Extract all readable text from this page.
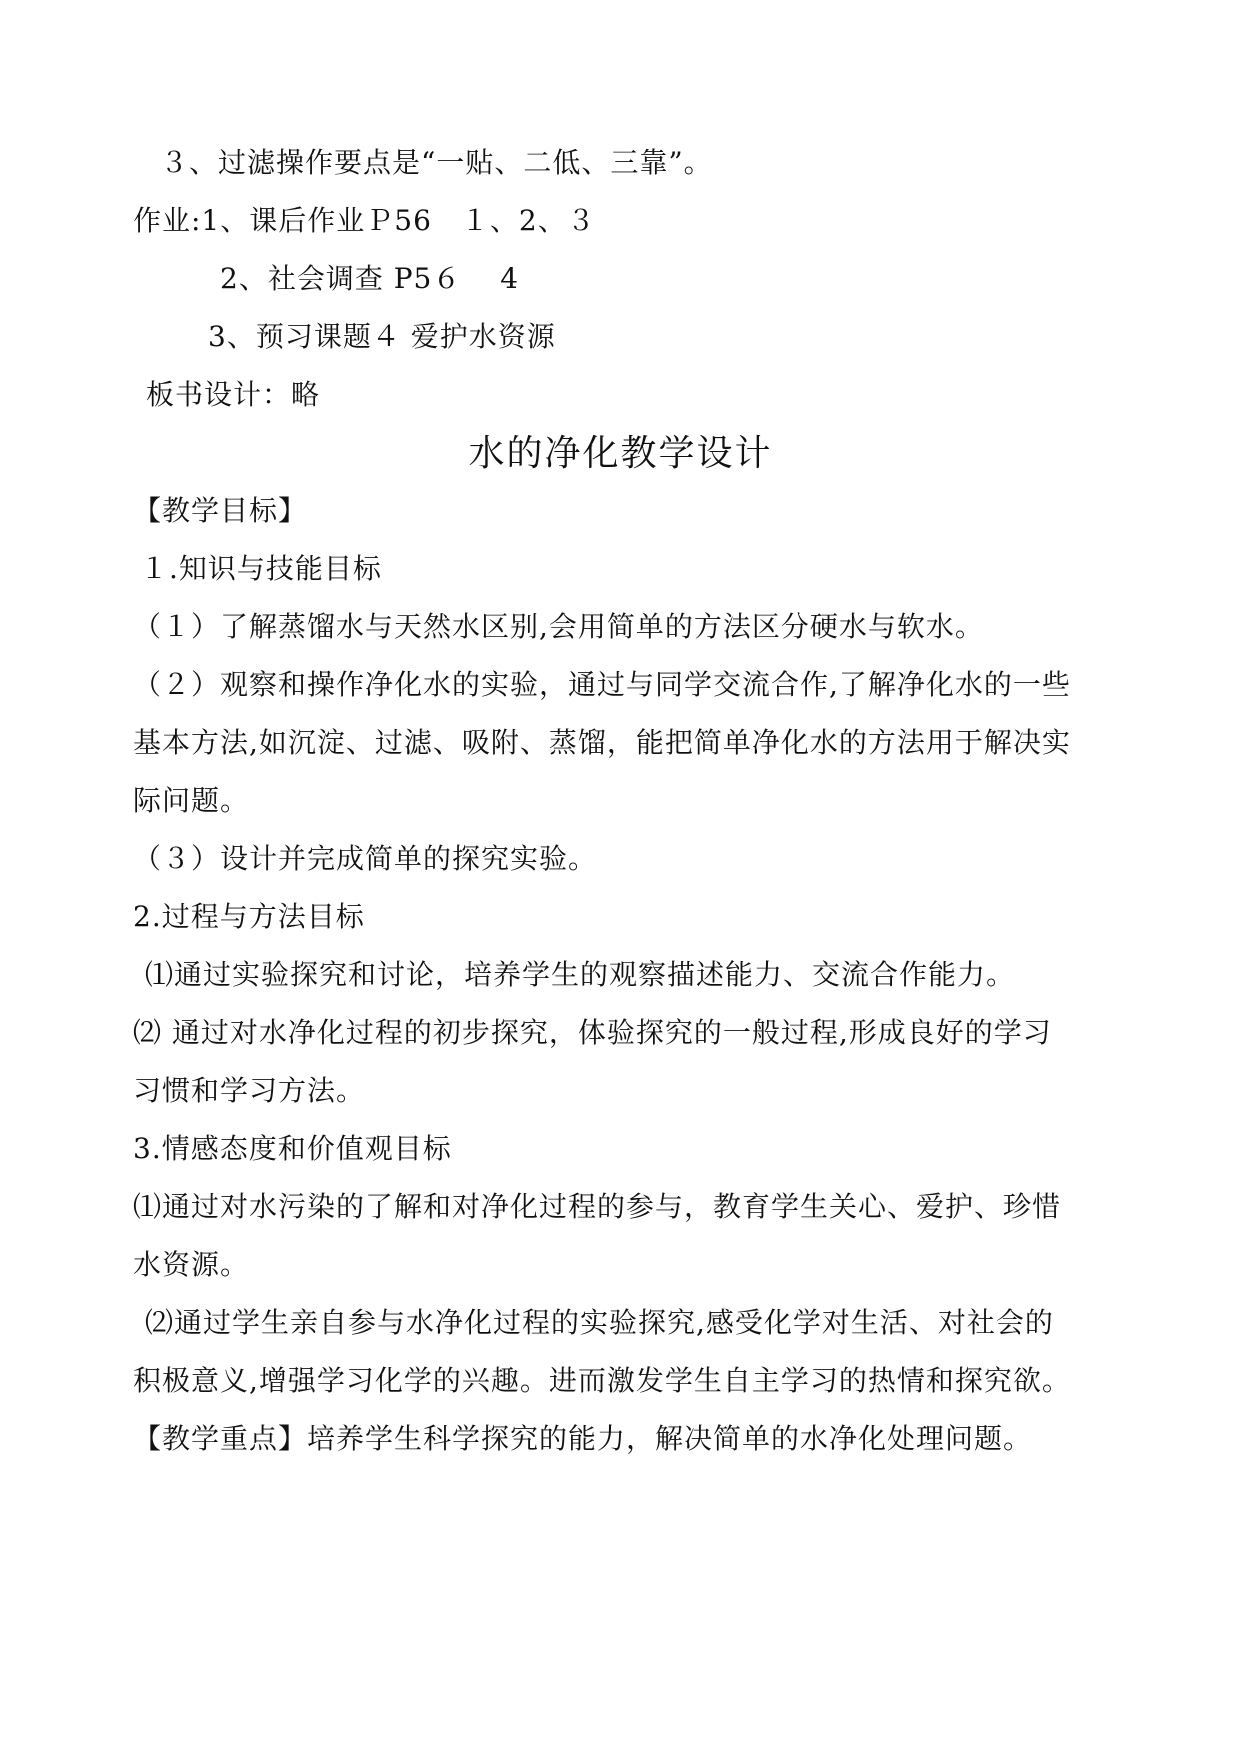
３、过滤操作要点是“一贴、二低、三靠”。
作业:1、课后作业Ｐ56　１、2、３
2、社会调查 P5６　 4
3、预习课题４ 爱护水资源
板书设计：略
水的净化教学设计
【教学目标】
１.知识与技能目标
（１）了解蒸馏水与天然水区别,会用简单的方法区分硬水与软水。
（２）观察和操作净化水的实验，通过与同学交流合作,了解净化水的一些
基本方法,如沉淀、过滤、吸附、蒸馏，能把简单净化水的方法用于解决实
际问题。
（３）设计并完成简单的探究实验。
2.过程与方法目标
⑴通过实验探究和讨论，培养学生的观察描述能力、交流合作能力。
⑵ 通过对水净化过程的初步探究，体验探究的一般过程,形成良好的学习
习惯和学习方法。
3.情感态度和价值观目标
⑴通过对水污染的了解和对净化过程的参与，教育学生关心、爱护、珍惜
水资源。
⑵通过学生亲自参与水净化过程的实验探究,感受化学对生活、对社会的
积极意义,增强学习化学的兴趣。进而激发学生自主学习的热情和探究欲。
【教学重点】培养学生科学探究的能力，解决简单的水净化处理问题。
